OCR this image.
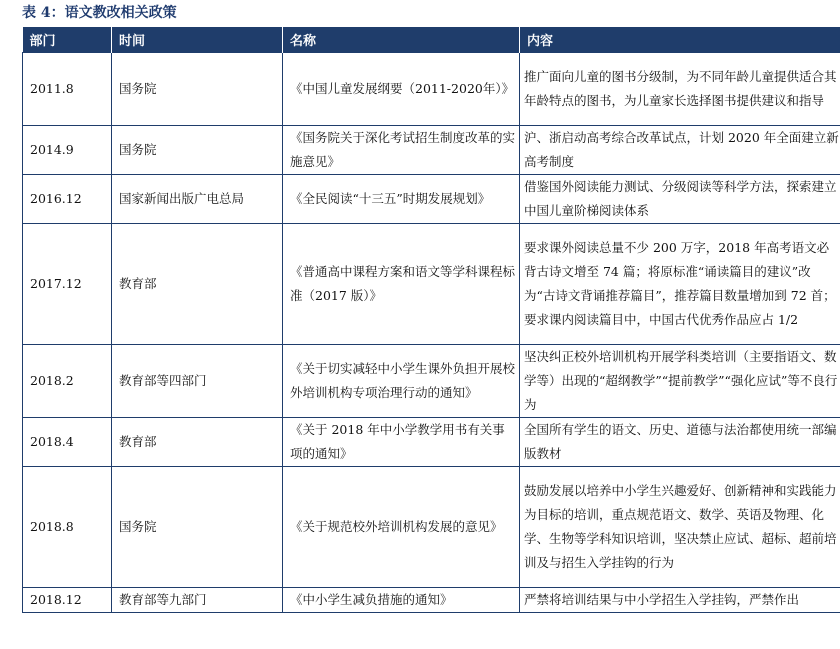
表 4：语文教改相关政策
部门	时间	名称	内容
2011.8	国务院	《中国儿童发展纲要（2011-2020年）》	推广面向儿童的图书分级制，为不同年龄儿童提供适合其年龄特点的图书，为儿童家长选择图书提供建议和指导
2014.9	国务院	《国务院关于深化考试招生制度改革的实施意见》	沪、浙启动高考综合改革试点，计划 2020 年全面建立新高考制度
2016.12	国家新闻出版广电总局	《全民阅读“十三五”时期发展规划》	借鉴国外阅读能力测试、分级阅读等科学方法，探索建立中国儿童阶梯阅读体系
2017.12	教育部	《普通高中课程方案和语文等学科课程标准（2017 版）》	要求课外阅读总量不少 200 万字，2018 年高考语文必背古诗文增至 74 篇；将原标准“诵读篇目的建议”改为“古诗文背诵推荐篇目”，推荐篇目数量增加到 72 首；要求课内阅读篇目中，中国古代优秀作品应占 1/2
2018.2	教育部等四部门	《关于切实减轻中小学生课外负担开展校外培训机构专项治理行动的通知》	坚决纠正校外培训机构开展学科类培训（主要指语文、数学等）出现的“超纲教学”“提前教学”“强化应试”等不良行为
2018.4	教育部	《关于 2018 年中小学教学用书有关事项的通知》	全国所有学生的语文、历史、道德与法治都使用统一部编版教材
2018.8	国务院	《关于规范校外培训机构发展的意见》	鼓励发展以培养中小学生兴趣爱好、创新精神和实践能力为目标的培训，重点规范语文、数学、英语及物理、化学、生物等学科知识培训，坚决禁止应试、超标、超前培训及与招生入学挂钩的行为
2018.12	教育部等九部门	《中小学生减负措施的通知》	严禁将培训结果与中小学招生入学挂钩，严禁作出
